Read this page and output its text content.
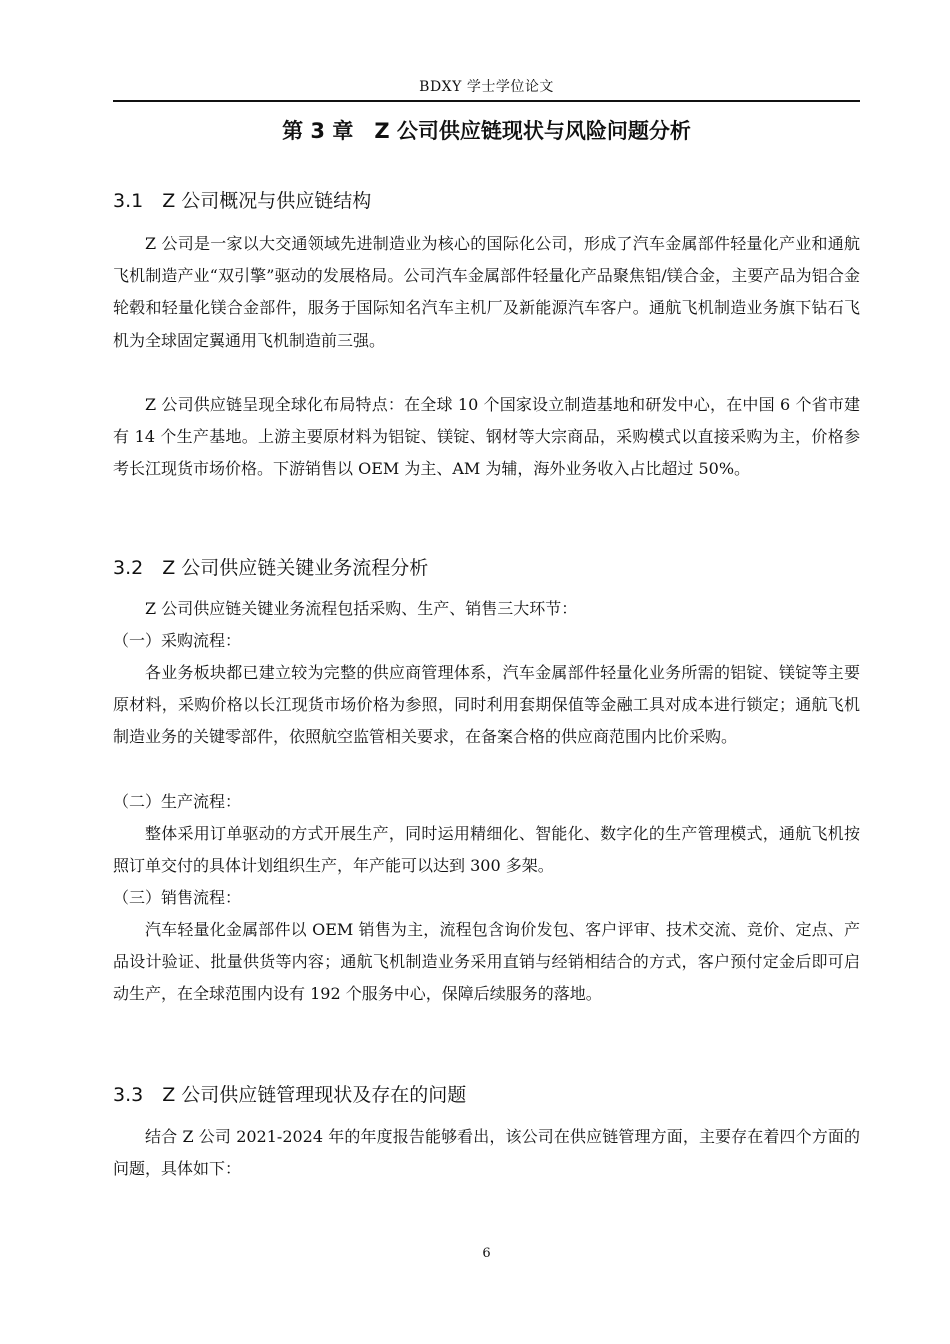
BDXY 学士学位论文
第 3 章　Z 公司供应链现状与风险问题分析
3.1　Z 公司概况与供应链结构

Z 公司是一家以大交通领域先进制造业为核心的国际化公司，形成了汽车金属部件轻量化产业和通航飞机制造产业“双引擎”驱动的发展格局。公司汽车金属部件轻量化产品聚焦铝/镁合金，主要产品为铝合金轮毂和轻量化镁合金部件，服务于国际知名汽车主机厂及新能源汽车客户。通航飞机制造业务旗下钻石飞机为全球固定翼通用飞机制造前三强。

Z 公司供应链呈现全球化布局特点：在全球 10 个国家设立制造基地和研发中心，在中国 6 个省市建有 14 个生产基地。上游主要原材料为铝锭、镁锭、钢材等大宗商品，采购模式以直接采购为主，价格参考长江现货市场价格。下游销售以 OEM 为主、AM 为辅，海外业务收入占比超过 50%。

3.2　Z 公司供应链关键业务流程分析

Z 公司供应链关键业务流程包括采购、生产、销售三大环节：

（一）采购流程：

各业务板块都已建立较为完整的供应商管理体系，汽车金属部件轻量化业务所需的铝锭、镁锭等主要原材料，采购价格以长江现货市场价格为参照，同时利用套期保值等金融工具对成本进行锁定；通航飞机制造业务的关键零部件，依照航空监管相关要求，在备案合格的供应商范围内比价采购。

（二）生产流程：

整体采用订单驱动的方式开展生产，同时运用精细化、智能化、数字化的生产管理模式，通航飞机按照订单交付的具体计划组织生产，年产能可以达到 300 多架。

（三）销售流程：

汽车轻量化金属部件以 OEM 销售为主，流程包含询价发包、客户评审、技术交流、竞价、定点、产品设计验证、批量供货等内容；通航飞机制造业务采用直销与经销相结合的方式，客户预付定金后即可启动生产，在全球范围内设有 192 个服务中心，保障后续服务的落地。

3.3　Z 公司供应链管理现状及存在的问题

结合 Z 公司 2021-2024 年的年度报告能够看出，该公司在供应链管理方面，主要存在着四个方面的问题，具体如下：

6
